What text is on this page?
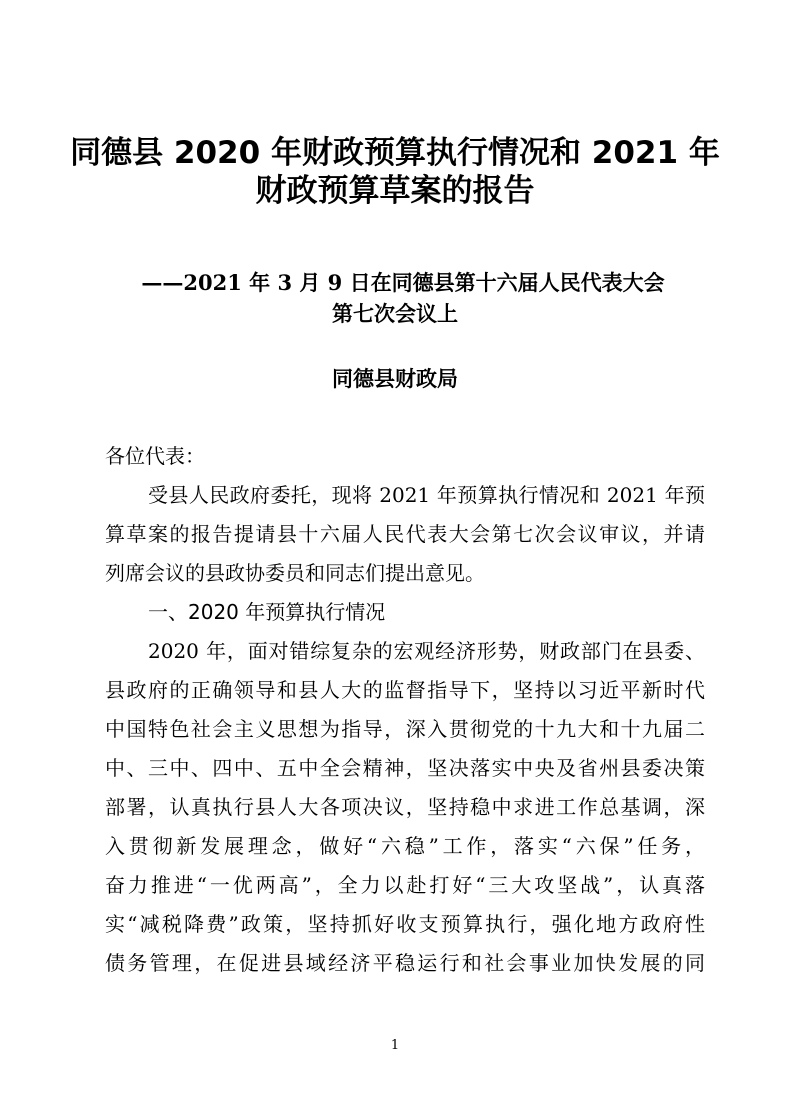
同德县 2020 年财政预算执行情况和 2021 年
财政预算草案的报告
——2021 年 3 月 9 日在同德县第十六届人民代表大会
第七次会议上
同德县财政局
各位代表：
受县人民政府委托，现将 2021 年预算执行情况和 2021 年预
算草案的报告提请县十六届人民代表大会第七次会议审议，并请
列席会议的县政协委员和同志们提出意见。
一、2020 年预算执行情况
2020 年，面对错综复杂的宏观经济形势，财政部门在县委、
县政府的正确领导和县人大的监督指导下，坚持以习近平新时代
中国特色社会主义思想为指导，深入贯彻党的十九大和十九届二
中、三中、四中、五中全会精神，坚决落实中央及省州县委决策
部署，认真执行县人大各项决议，坚持稳中求进工作总基调，深
入贯彻新发展理念，做好“六稳”工作，落实“六保”任务，
奋力推进“一优两高”，全力以赴打好“三大攻坚战”，认真落
实“减税降费”政策，坚持抓好收支预算执行，强化地方政府性
债务管理，在促进县域经济平稳运行和社会事业加快发展的同
1
